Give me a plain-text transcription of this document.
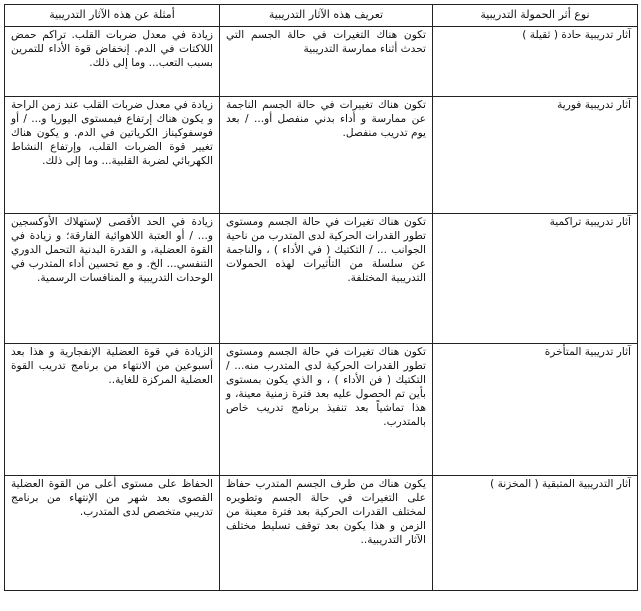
نوع أثر الحمولة التدريبية	تعريف هذه الآثار التدريبية	أمثلة عن هذه الآثار التدريبية
آثار تدريبية حادة ( ثقيلة )	تكون هناك التغيرات في حالة الجسم التي تحدث أثناء ممارسة التدريبية	زيادة في معدل ضربات القلب. تراكم حمض اللاكتات في الدم. إنخفاض قوة الأداء للتمرين بسبب التعب... وما إلى ذلك.
آثار تدريبية فورية	تكون هناك تغييرات في حالة الجسم الناجمة عن ممارسة و أداء بدني منفصل أو... / بعد يوم تدريب منفصل.	زيادة في معدل ضربات القلب عند زمن الراحة و يكون هناك إرتفاع فيمستوى اليوريا و... / أو فوسفوكيناز الكرياتين في الدم. و يكون هناك تغيير قوة الضربات القلب، وإرتفاع النشاط الكهربائي لضربة القلبية... وما إلى ذلك.
آثار تدريبية تراكمية	تكون هناك تغيرات في حالة الجسم ومستوى تطور القدرات الحركية لدى المتدرب من ناحية الجوانب ... / التكتيك ( في الأداء ) ، والناجمة عن سلسلة من التأثيرات لهذه الحمولات التدريبية المختلفة.	زيادة في الحد الأقصى لإستهلاك الأوكسجين و... / أو العتبة اللاهوائية الفارقة؛ و زيادة في القوة العضلية، و القدرة البدنية التحمل الدوري التنفسي... الخ. و مع تحسين أداء المتدرب في الوحدات التدريبية و المنافسات الرسمية.
آثار تدريبية المتأخرة	تكون هناك تغيرات في حالة الجسم ومستوى تطور القدرات الحركية لدى المتدرب منه... / التكتيك ( فن الأداء ) ، و الذي يكون بمستوى بأين تم الحصول عليه بعد فترة زمنية معينة، و هذا تماشياً بعد تنفيذ برنامج تدريب خاص بالمتدرب.	الزيادة في قوة العضلية الإنفجارية و هذا بعد أسبوعين من الانتهاء من برنامج تدريب القوة العضلية المركزة للغاية..
آثار التدريبية المتبقية ( المخزنة )	يكون هناك من طرف الجسم المتدرب حفاظ على التغيرات في حالة الجسم وتطويره لمختلف القدرات الحركية بعد فترة معينة من الزمن و هذا يكون بعد توقف تسليط مختلف الآثار التدريبية..	الحفاظ على مستوى أعلى من القوة العضلية القصوى بعد شهر من الإنتهاء من برنامج تدريبي متخصص لدى المتدرب.
